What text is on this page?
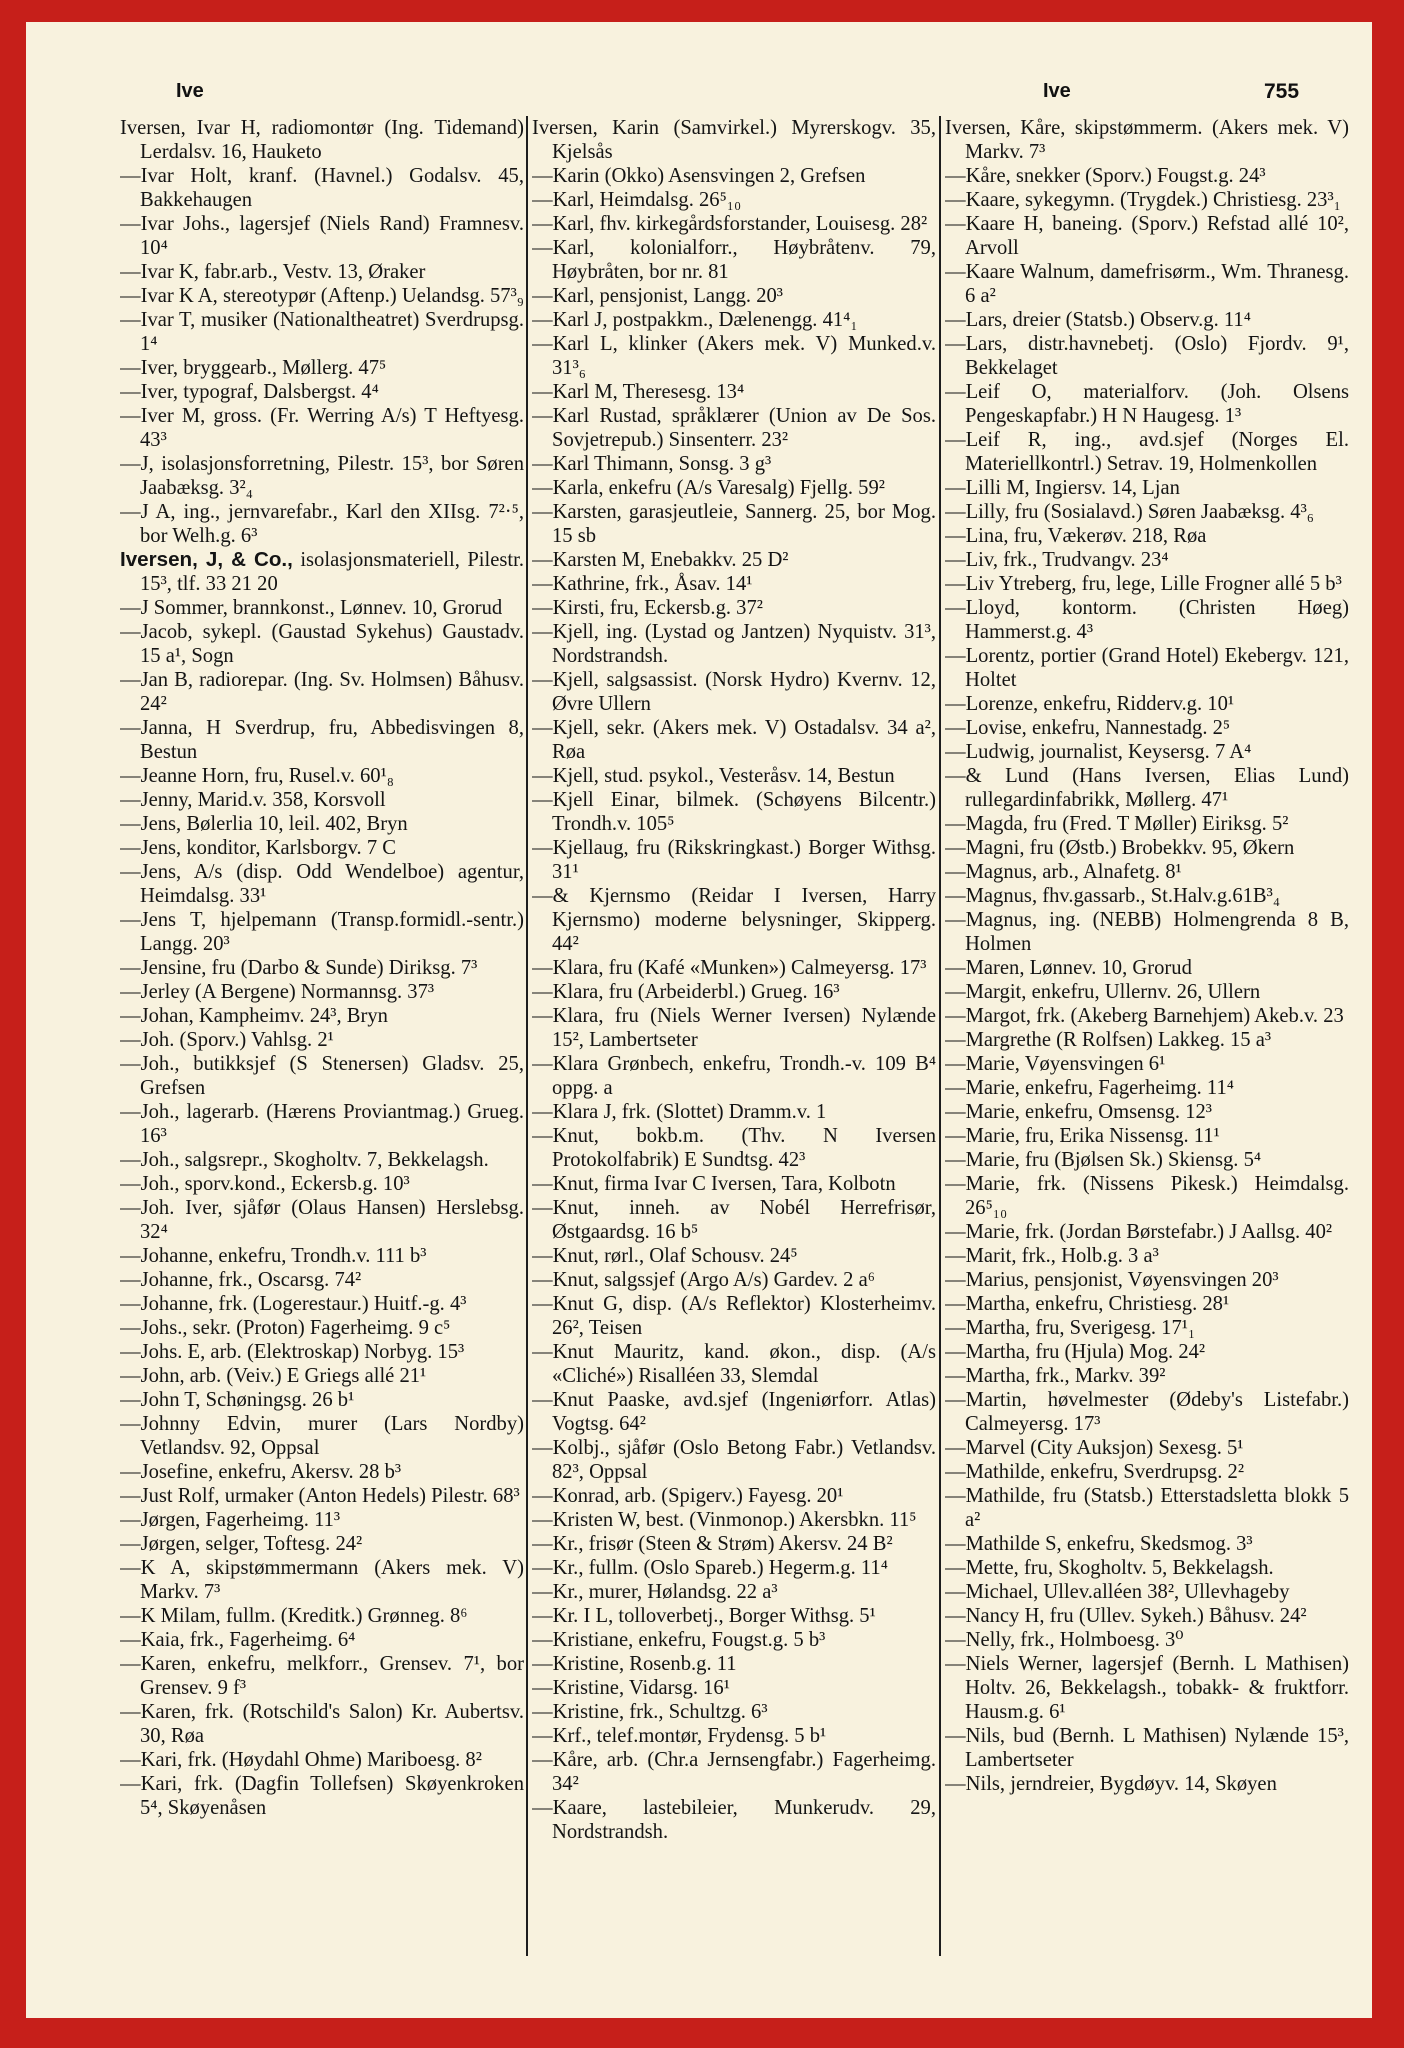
Ive	Ive	755

Iversen, Ivar H, radiomontør (Ing. Tidemand) Lerdalsv. 16, Hauketo

—Ivar Holt, kranf. (Havnel.) Godalsv. 45, Bakkehaugen

—Ivar Johs., lagersjef (Niels Rand) Framnesv. 10⁴

—Ivar K, fabr.arb., Vestv. 13, Øraker

—Ivar K A, stereotypør (Aftenp.) Uelandsg. 57³₉

—Ivar T, musiker (Nationaltheatret) Sverdrupsg. 1⁴

—Iver, bryggearb., Møllerg. 47⁵

—Iver, typograf, Dalsbergst. 4⁴

—Iver M, gross. (Fr. Werring A/s) T Heftyesg. 43³

—J, isolasjonsforretning, Pilestr. 15³, bor Søren Jaabæksg. 3²₄

—J A, ing., jernvarefabr., Karl den XIIsg. 7²·⁵, bor Welh.g. 6³

Iversen, J, & Co., isolasjonsmateriell, Pilestr. 15³, tlf. 33 21 20

—J Sommer, brannkonst., Lønnev. 10, Grorud

—Jacob, sykepl. (Gaustad Sykehus) Gaustadv. 15 a¹, Sogn

—Jan B, radiorepar. (Ing. Sv. Holmsen) Båhusv. 24²

—Janna, H Sverdrup, fru, Abbedisvingen 8, Bestun

—Jeanne Horn, fru, Rusel.v. 60¹₈

—Jenny, Marid.v. 358, Korsvoll

—Jens, Bølerlia 10, leil. 402, Bryn

—Jens, konditor, Karlsborgv. 7 C

—Jens, A/s (disp. Odd Wendelboe) agentur, Heimdalsg. 33¹

—Jens T, hjelpemann (Transp.formidl.-sentr.) Langg. 20³

—Jensine, fru (Darbo & Sunde) Diriksg. 7³

—Jerley (A Bergene) Normannsg. 37³

—Johan, Kampheimv. 24³, Bryn

—Joh. (Sporv.) Vahlsg. 2¹

—Joh., butikksjef (S Stenersen) Gladsv. 25, Grefsen

—Joh., lagerarb. (Hærens Proviantmag.) Grueg. 16³

—Joh., salgsrepr., Skogholtv. 7, Bekkelagsh.

—Joh., sporv.kond., Eckersb.g. 10³

—Joh. Iver, sjåfør (Olaus Hansen) Herslebsg. 32⁴

—Johanne, enkefru, Trondh.v. 111 b³

—Johanne, frk., Oscarsg. 74²

—Johanne, frk. (Logerestaur.) Huitf.-g. 4³

—Johs., sekr. (Proton) Fagerheimg. 9 c⁵

—Johs. E, arb. (Elektroskap) Norbyg. 15³

—John, arb. (Veiv.) E Griegs allé 21¹

—John T, Schøningsg. 26 b¹

—Johnny Edvin, murer (Lars Nordby) Vetlandsv. 92, Oppsal

—Josefine, enkefru, Akersv. 28 b³

—Just Rolf, urmaker (Anton Hedels) Pilestr. 68³

—Jørgen, Fagerheimg. 11³

—Jørgen, selger, Toftesg. 24²

—K A, skipstømmermann (Akers mek. V) Markv. 7³

—K Milam, fullm. (Kreditk.) Grønneg. 8⁶

—Kaia, frk., Fagerheimg. 6⁴

—Karen, enkefru, melkforr., Grensev. 7¹, bor Grensev. 9 f³

—Karen, frk. (Rotschild's Salon) Kr. Aubertsv. 30, Røa

—Kari, frk. (Høydahl Ohme) Mariboesg. 8²

—Kari, frk. (Dagfin Tollefsen) Skøyenkroken 5⁴, Skøyenåsen

Iversen, Karin (Samvirkel.) Myrerskogv. 35, Kjelsås

—Karin (Okko) Asensvingen 2, Grefsen

—Karl, Heimdalsg. 26⁵₁₀

—Karl, fhv. kirkegårdsforstander, Louisesg. 28²

—Karl, kolonialforr., Høybråtenv. 79, Høybråten, bor nr. 81

—Karl, pensjonist, Langg. 20³

—Karl J, postpakkm., Dælenengg. 41⁴₁

—Karl L, klinker (Akers mek. V) Munked.v. 31³₆

—Karl M, Theresesg. 13⁴

—Karl Rustad, språklærer (Union av De Sos. Sovjetrepub.) Sinsenterr. 23²

—Karl Thimann, Sonsg. 3 g³

—Karla, enkefru (A/s Varesalg) Fjellg. 59²

—Karsten, garasjeutleie, Sannerg. 25, bor Mog. 15 sb

—Karsten M, Enebakkv. 25 D²

—Kathrine, frk., Åsav. 14¹

—Kirsti, fru, Eckersb.g. 37²

—Kjell, ing. (Lystad og Jantzen) Nyquistv. 31³, Nordstrandsh.

—Kjell, salgsassist. (Norsk Hydro) Kvernv. 12, Øvre Ullern

—Kjell, sekr. (Akers mek. V) Ostadalsv. 34 a², Røa

—Kjell, stud. psykol., Vesteråsv. 14, Bestun

—Kjell Einar, bilmek. (Schøyens Bilcentr.) Trondh.v. 105⁵

—Kjellaug, fru (Rikskringkast.) Borger Withsg. 31¹

—& Kjernsmo (Reidar I Iversen, Harry Kjernsmo) moderne belysninger, Skipperg. 44²

—Klara, fru (Kafé «Munken») Calmeyersg. 17³

—Klara, fru (Arbeiderbl.) Grueg. 16³

—Klara, fru (Niels Werner Iversen) Nylænde 15², Lambertseter

—Klara Grønbech, enkefru, Trondh.-v. 109 B⁴ oppg. a

—Klara J, frk. (Slottet) Dramm.v. 1

—Knut, bokb.m. (Thv. N Iversen Protokolfabrik) E Sundtsg. 42³

—Knut, firma Ivar C Iversen, Tara, Kolbotn

—Knut, inneh. av Nobél Herrefrisør, Østgaardsg. 16 b⁵

—Knut, rørl., Olaf Schousv. 24⁵

—Knut, salgssjef (Argo A/s) Gardev. 2 a⁶

—Knut G, disp. (A/s Reflektor) Klosterheimv. 26², Teisen

—Knut Mauritz, kand. økon., disp. (A/s «Cliché») Risalléen 33, Slemdal

—Knut Paaske, avd.sjef (Ingeniørforr. Atlas) Vogtsg. 64²

—Kolbj., sjåfør (Oslo Betong Fabr.) Vetlandsv. 82³, Oppsal

—Konrad, arb. (Spigerv.) Fayesg. 20¹

—Kristen W, best. (Vinmonop.) Akersbkn. 11⁵

—Kr., frisør (Steen & Strøm) Akersv. 24 B²

—Kr., fullm. (Oslo Spareb.) Hegerm.g. 11⁴

—Kr., murer, Hølandsg. 22 a³

—Kr. I L, tolloverbetj., Borger Withsg. 5¹

—Kristiane, enkefru, Fougst.g. 5 b³

—Kristine, Rosenb.g. 11

—Kristine, Vidarsg. 16¹

—Kristine, frk., Schultzg. 6³

—Krf., telef.montør, Frydensg. 5 b¹

—Kåre, arb. (Chr.a Jernsengfabr.) Fagerheimg. 34²

—Kaare, lastebileier, Munkerudv. 29, Nordstrandsh.

Iversen, Kåre, skipstømmerm. (Akers mek. V) Markv. 7³

—Kåre, snekker (Sporv.) Fougst.g. 24³

—Kaare, sykegymn. (Trygdek.) Christiesg. 23³₁

—Kaare H, baneing. (Sporv.) Refstad allé 10², Arvoll

—Kaare Walnum, damefrisørm., Wm. Thranesg. 6 a²

—Lars, dreier (Statsb.) Observ.g. 11⁴

—Lars, distr.havnebetj. (Oslo) Fjordv. 9¹, Bekkelaget

—Leif O, materialforv. (Joh. Olsens Pengeskapfabr.) H N Haugesg. 1³

—Leif R, ing., avd.sjef (Norges El. Materiellkontrl.) Setrav. 19, Holmenkollen

—Lilli M, Ingiersv. 14, Ljan

—Lilly, fru (Sosialavd.) Søren Jaabæksg. 4³₆

—Lina, fru, Vækerøv. 218, Røa

—Liv, frk., Trudvangv. 23⁴

—Liv Ytreberg, fru, lege, Lille Frogner allé 5 b³

—Lloyd, kontorm. (Christen Høeg) Hammerst.g. 4³

—Lorentz, portier (Grand Hotel) Ekebergv. 121, Holtet

—Lorenze, enkefru, Ridderv.g. 10¹

—Lovise, enkefru, Nannestadg. 2⁵

—Ludwig, journalist, Keysersg. 7 A⁴

—& Lund (Hans Iversen, Elias Lund) rullegardinfabrikk, Møllerg. 47¹

—Magda, fru (Fred. T Møller) Eiriksg. 5²

—Magni, fru (Østb.) Brobekkv. 95, Økern

—Magnus, arb., Alnafetg. 8¹

—Magnus, fhv.gassarb., St.Halv.g.61B³₄

—Magnus, ing. (NEBB) Holmengrenda 8 B, Holmen

—Maren, Lønnev. 10, Grorud

—Margit, enkefru, Ullernv. 26, Ullern

—Margot, frk. (Akeberg Barnehjem) Akeb.v. 23

—Margrethe (R Rolfsen) Lakkeg. 15 a³

—Marie, Vøyensvingen 6¹

—Marie, enkefru, Fagerheimg. 11⁴

—Marie, enkefru, Omsensg. 12³

—Marie, fru, Erika Nissensg. 11¹

—Marie, fru (Bjølsen Sk.) Skiensg. 5⁴

—Marie, frk. (Nissens Pikesk.) Heimdalsg. 26⁵₁₀

—Marie, frk. (Jordan Børstefabr.) J Aallsg. 40²

—Marit, frk., Holb.g. 3 a³

—Marius, pensjonist, Vøyensvingen 20³

—Martha, enkefru, Christiesg. 28¹

—Martha, fru, Sverigesg. 17¹₁

—Martha, fru (Hjula) Mog. 24²

—Martha, frk., Markv. 39²

—Martin, høvelmester (Ødeby's Listefabr.) Calmeyersg. 17³

—Marvel (City Auksjon) Sexesg. 5¹

—Mathilde, enkefru, Sverdrupsg. 2²

—Mathilde, fru (Statsb.) Etterstadsletta blokk 5 a²

—Mathilde S, enkefru, Skedsmog. 3³

—Mette, fru, Skogholtv. 5, Bekkelagsh.

—Michael, Ullev.alléen 38², Ullevhageby

—Nancy H, fru (Ullev. Sykeh.) Båhusv. 24²

—Nelly, frk., Holmboesg. 3⁰

—Niels Werner, lagersjef (Bernh. L Mathisen) Holtv. 26, Bekkelagsh., tobakk- & fruktforr. Hausm.g. 6¹

—Nils, bud (Bernh. L Mathisen) Nylænde 15³, Lambertseter

—Nils, jerndreier, Bygdøyv. 14, Skøyen
